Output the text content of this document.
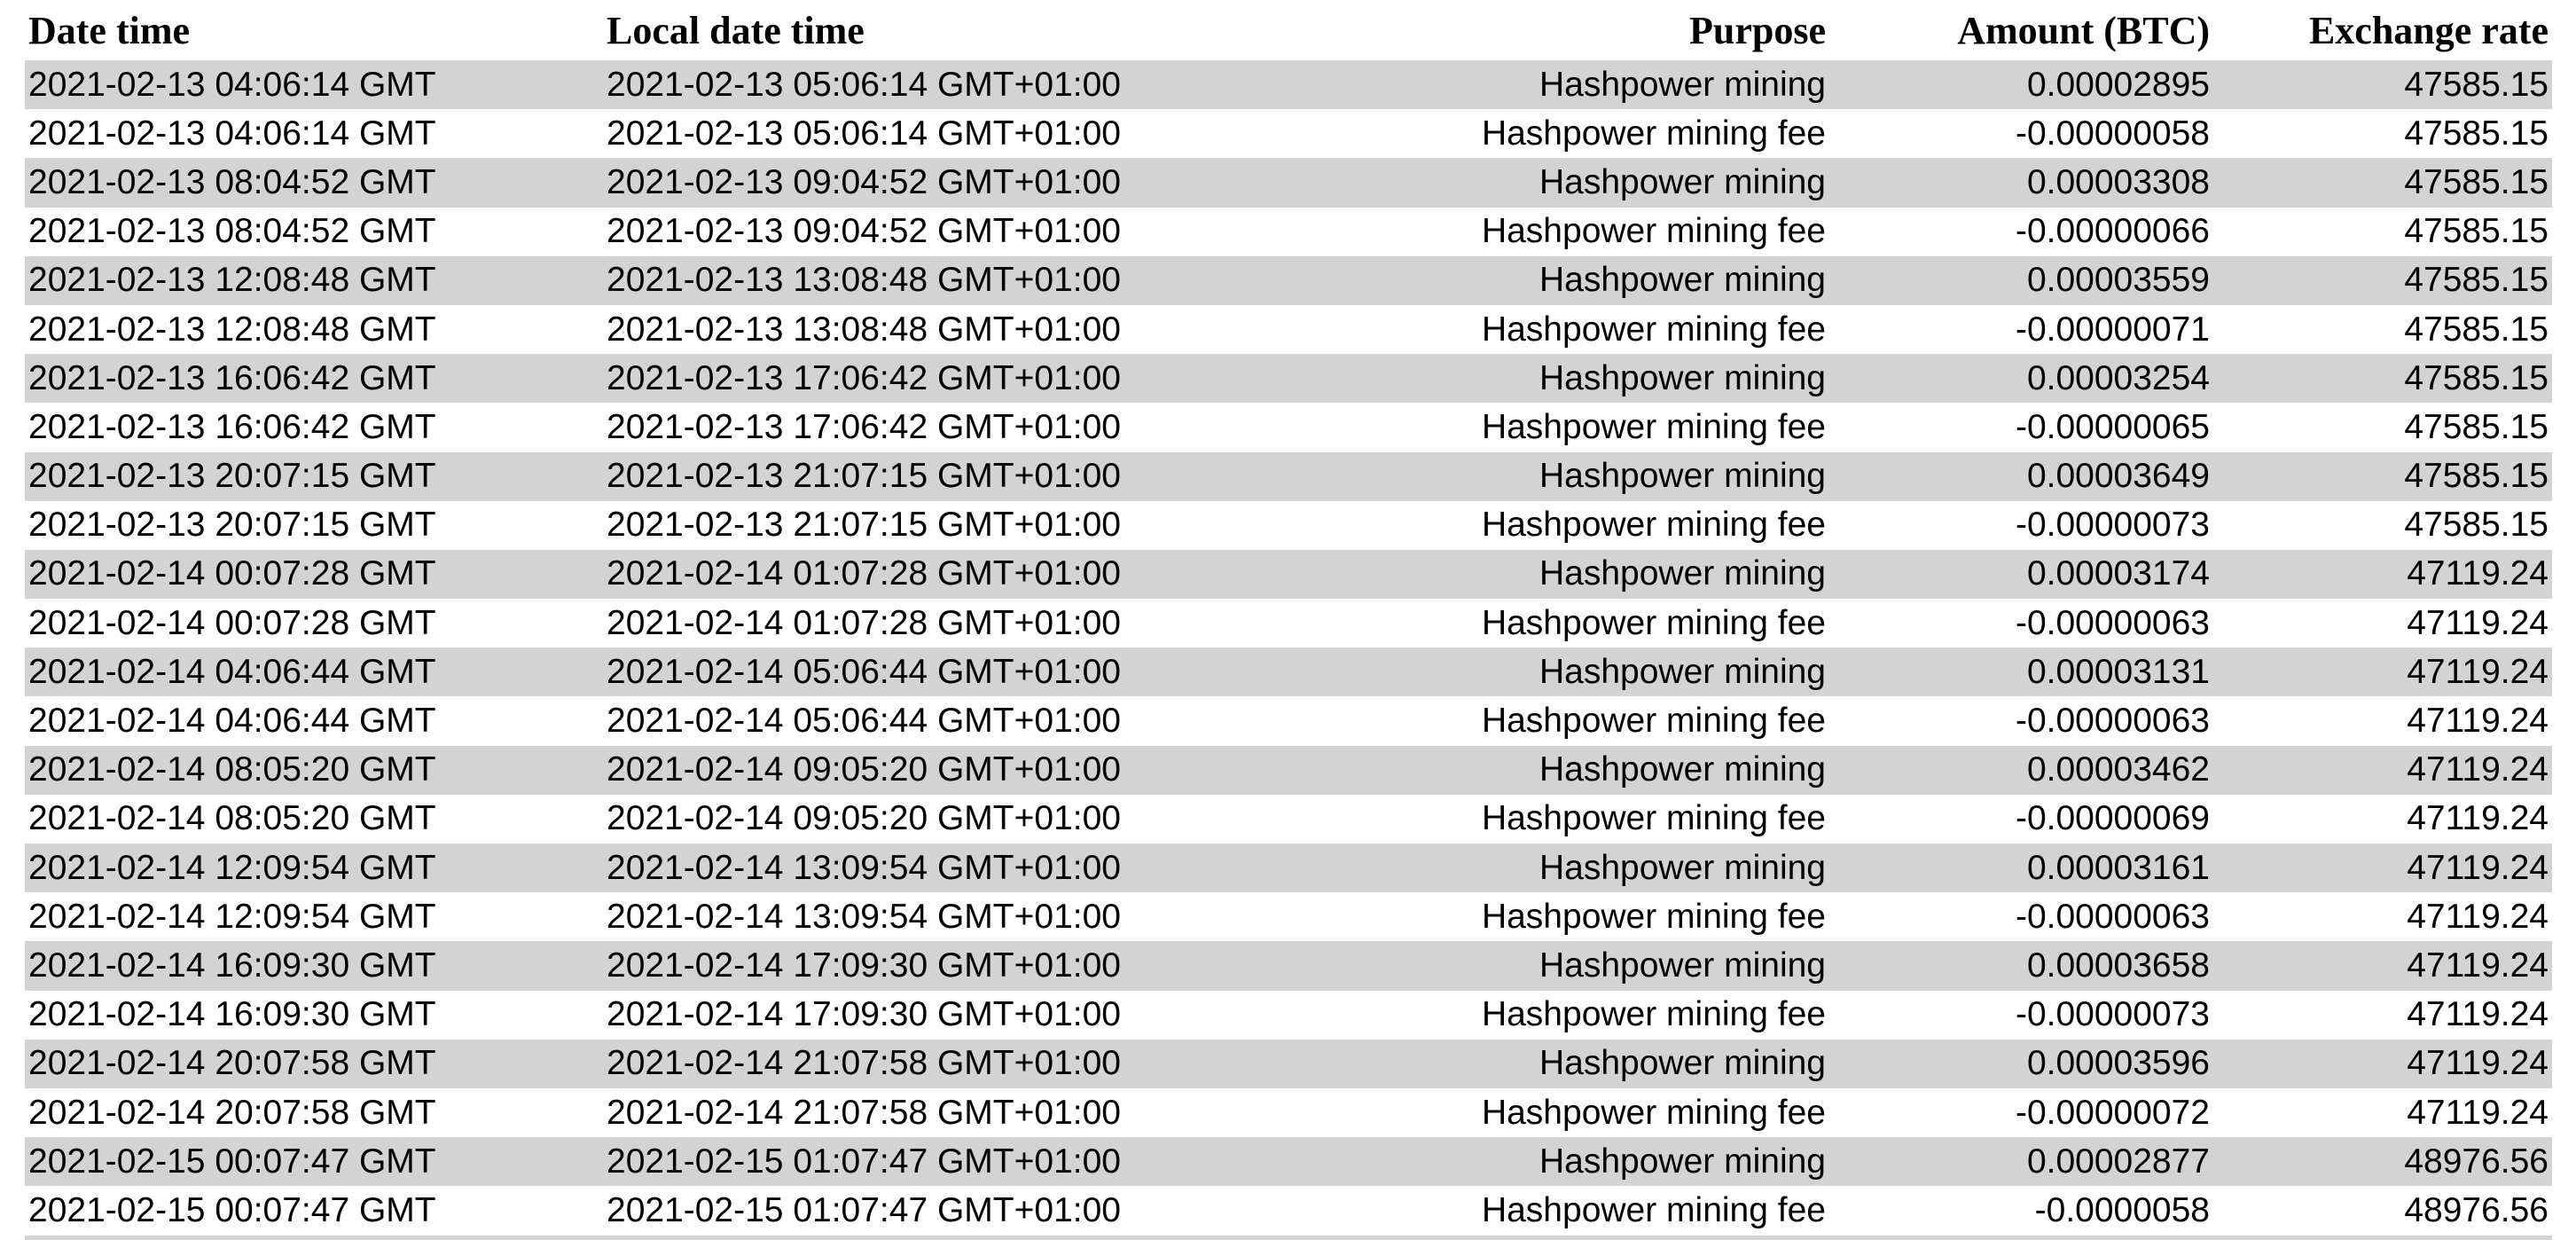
Date time	Local date time	Purpose	Amount (BTC)	Exchange rate
2021-02-13 04:06:14 GMT	2021-02-13 05:06:14 GMT+01:00	Hashpower mining	0.00002895	47585.15
2021-02-13 04:06:14 GMT	2021-02-13 05:06:14 GMT+01:00	Hashpower mining fee	-0.00000058	47585.15
2021-02-13 08:04:52 GMT	2021-02-13 09:04:52 GMT+01:00	Hashpower mining	0.00003308	47585.15
2021-02-13 08:04:52 GMT	2021-02-13 09:04:52 GMT+01:00	Hashpower mining fee	-0.00000066	47585.15
2021-02-13 12:08:48 GMT	2021-02-13 13:08:48 GMT+01:00	Hashpower mining	0.00003559	47585.15
2021-02-13 12:08:48 GMT	2021-02-13 13:08:48 GMT+01:00	Hashpower mining fee	-0.00000071	47585.15
2021-02-13 16:06:42 GMT	2021-02-13 17:06:42 GMT+01:00	Hashpower mining	0.00003254	47585.15
2021-02-13 16:06:42 GMT	2021-02-13 17:06:42 GMT+01:00	Hashpower mining fee	-0.00000065	47585.15
2021-02-13 20:07:15 GMT	2021-02-13 21:07:15 GMT+01:00	Hashpower mining	0.00003649	47585.15
2021-02-13 20:07:15 GMT	2021-02-13 21:07:15 GMT+01:00	Hashpower mining fee	-0.00000073	47585.15
2021-02-14 00:07:28 GMT	2021-02-14 01:07:28 GMT+01:00	Hashpower mining	0.00003174	47119.24
2021-02-14 00:07:28 GMT	2021-02-14 01:07:28 GMT+01:00	Hashpower mining fee	-0.00000063	47119.24
2021-02-14 04:06:44 GMT	2021-02-14 05:06:44 GMT+01:00	Hashpower mining	0.00003131	47119.24
2021-02-14 04:06:44 GMT	2021-02-14 05:06:44 GMT+01:00	Hashpower mining fee	-0.00000063	47119.24
2021-02-14 08:05:20 GMT	2021-02-14 09:05:20 GMT+01:00	Hashpower mining	0.00003462	47119.24
2021-02-14 08:05:20 GMT	2021-02-14 09:05:20 GMT+01:00	Hashpower mining fee	-0.00000069	47119.24
2021-02-14 12:09:54 GMT	2021-02-14 13:09:54 GMT+01:00	Hashpower mining	0.00003161	47119.24
2021-02-14 12:09:54 GMT	2021-02-14 13:09:54 GMT+01:00	Hashpower mining fee	-0.00000063	47119.24
2021-02-14 16:09:30 GMT	2021-02-14 17:09:30 GMT+01:00	Hashpower mining	0.00003658	47119.24
2021-02-14 16:09:30 GMT	2021-02-14 17:09:30 GMT+01:00	Hashpower mining fee	-0.00000073	47119.24
2021-02-14 20:07:58 GMT	2021-02-14 21:07:58 GMT+01:00	Hashpower mining	0.00003596	47119.24
2021-02-14 20:07:58 GMT	2021-02-14 21:07:58 GMT+01:00	Hashpower mining fee	-0.00000072	47119.24
2021-02-15 00:07:47 GMT	2021-02-15 01:07:47 GMT+01:00	Hashpower mining	0.00002877	48976.56
2021-02-15 00:07:47 GMT	2021-02-15 01:07:47 GMT+01:00	Hashpower mining fee	-0.0000058	48976.56
